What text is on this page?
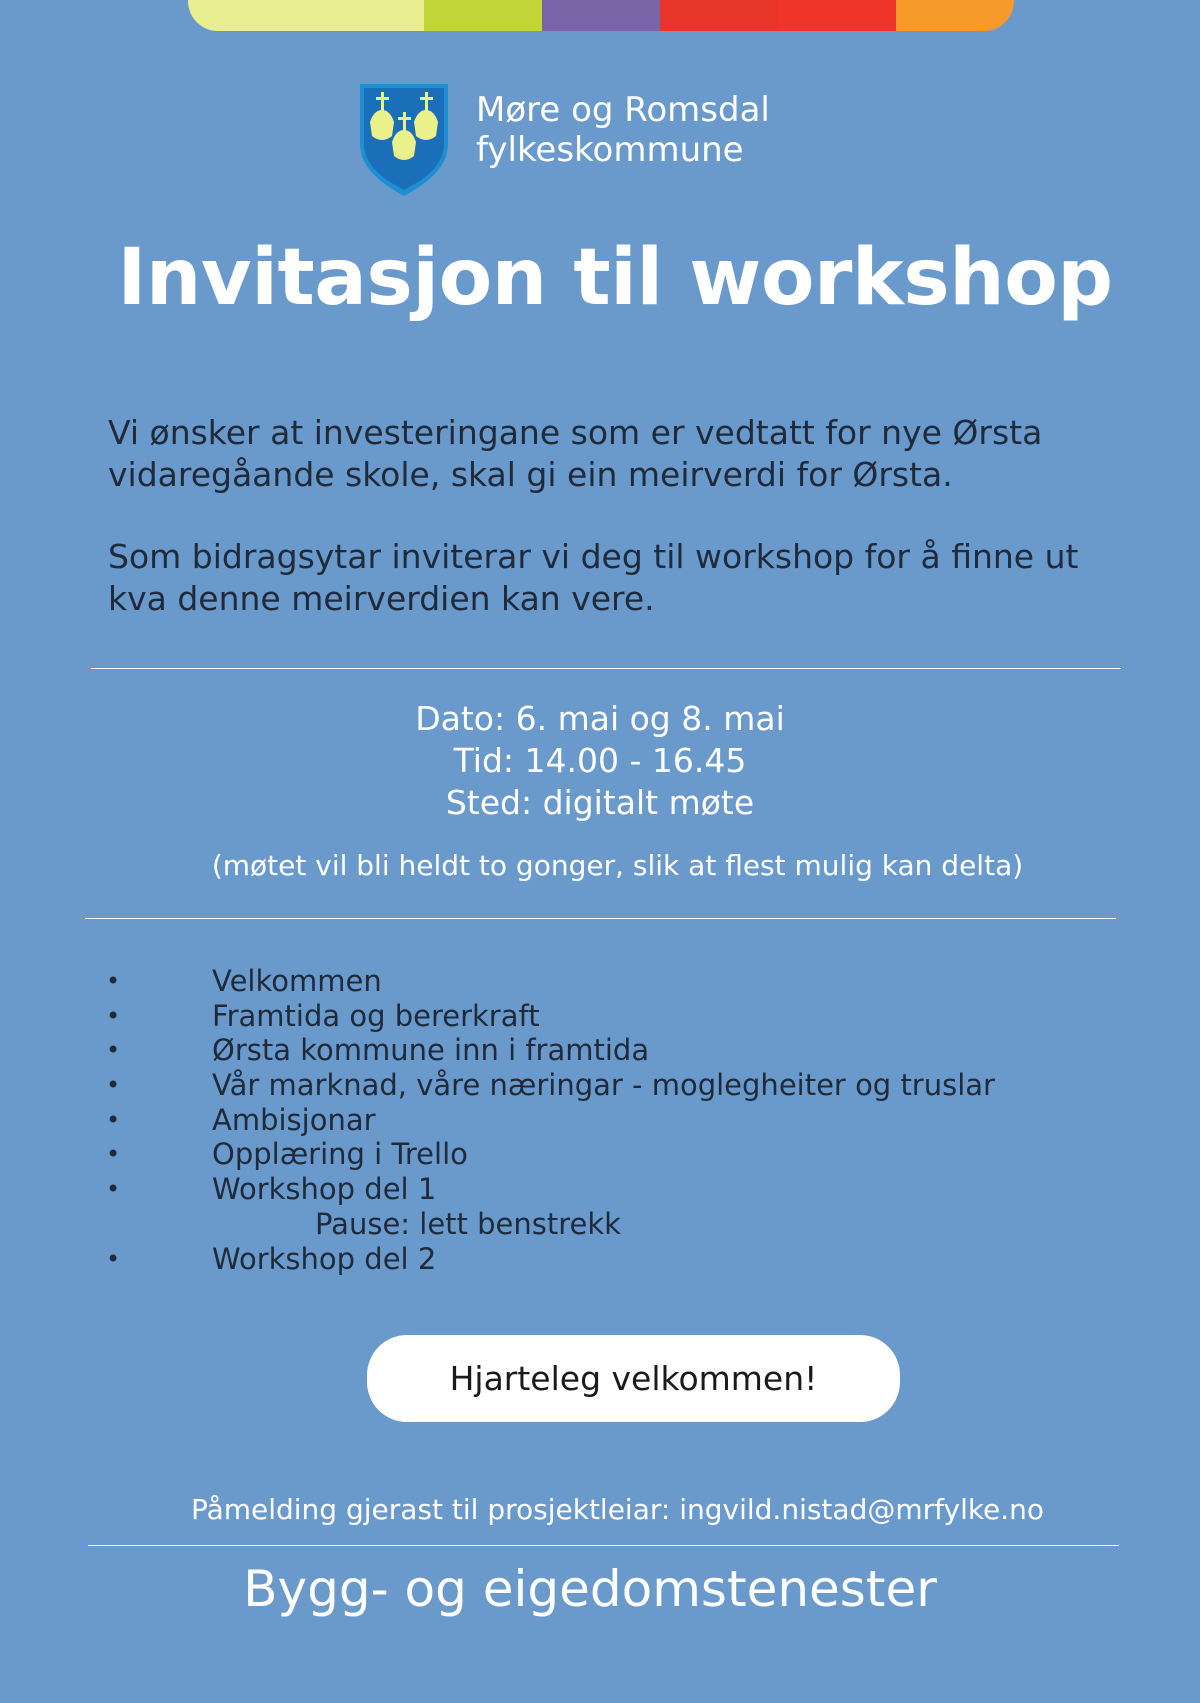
Møre og Romsdal
fylkeskommune
Invitasjon til workshop

Vi ønsker at investeringane som er vedtatt for nye Ørsta vidaregåande skole, skal gi ein meirverdi for Ørsta.

Som bidragsytar inviterar vi deg til workshop for å finne ut kva denne meirverdien kan vere.

Dato: 6. mai og 8. mai
Tid: 14.00 - 16.45
Sted: digitalt møte
(møtet vil bli heldt to gonger, slik at flest mulig kan delta)
•	Velkommen
•	Framtida og bererkraft
•	Ørsta kommune inn i framtida
•	Vår marknad, våre næringar - moglegheiter og truslar
•	Ambisjonar
•	Opplæring i Trello
•	Workshop del 1
Pause: lett benstrekk
•	Workshop del 2
Hjarteleg velkommen!
Påmelding gjerast til prosjektleiar: ingvild.nistad@mrfylke.no
Bygg- og eigedomstenester
